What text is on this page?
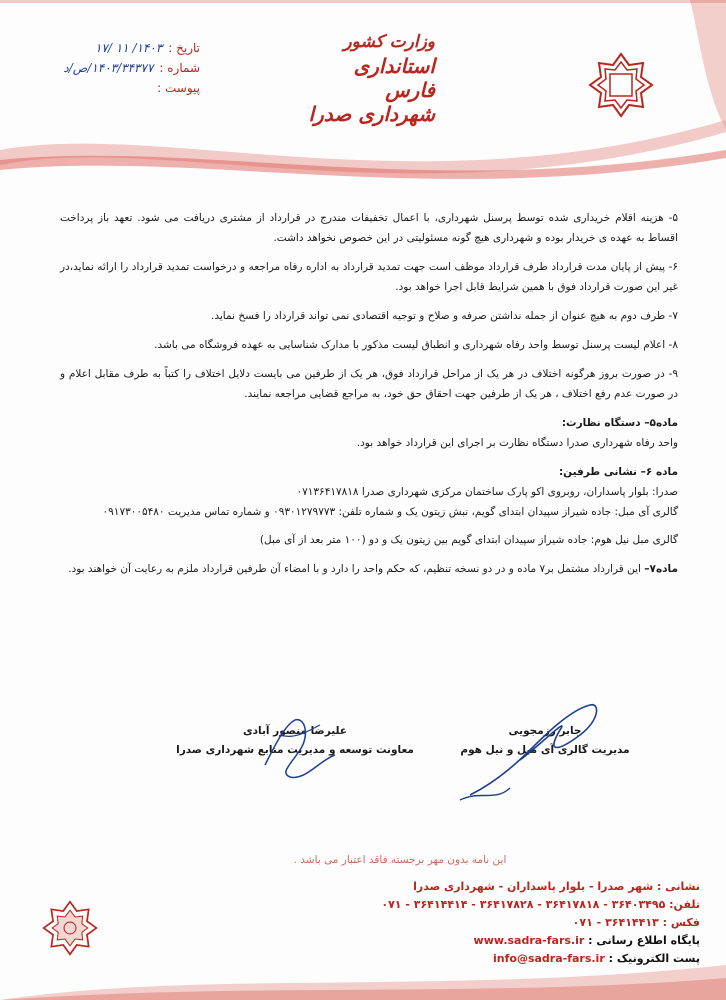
وزارت کشور
استانداری فارس
شهرداری صدرا
تاریخ :
۱۴۰۳/ ۱۱ /۱۷
شماره :
۱۴۰۳/۳۴۳۷۷/ص/د
پیوست :

۵- هزینه اقلام خریداری شده توسط پرسنل شهرداری، با اعمال تخفیفات مندرج در قرارداد از مشتری دریافت می شود. تعهد باز پرداخت اقساط به عهده ی خریدار بوده و شهرداری هیچ گونه مسئولیتی در این خصوص نخواهد داشت.

۶- پیش از پایان مدت قرارداد طرف قرارداد موظف است جهت تمدید قرارداد به اداره رفاه مراجعه و درخواست تمدید قرارداد را ارائه نماید،در غیر این صورت قرارداد فوق با همین شرایط قابل اجرا خواهد بود.

۷- طرف دوم به هیچ عنوان از جمله نداشتن صرفه و صلاح و توجیه اقتصادی نمی تواند قرارداد را فسخ نماید.

۸- اعلام لیست پرسنل توسط واحد رفاه شهرداری و انطباق لیست مذکور با مدارک شناسایی به عهده فروشگاه می باشد.

۹- در صورت بروز هرگونه اختلاف در هر یک از مراحل قرارداد فوق، هر یک از طرفین می بایست دلایل اختلاف را کتباً به طرف مقابل اعلام و در صورت عدم رفع اختلاف ، هر یک از طرفین جهت احقاق حق خود، به مراجع قضایی مراجعه نمایند.

ماده۵– دستگاه نظارت:
واحد رفاه شهرداری صدرا دستگاه نظارت بر اجرای این قرارداد خواهد بود.
ماده ۶– نشانی طرفین:
صدرا: بلوار پاسداران، روبروی اکو پارک ساختمان مرکزی شهرداری صدرا ۰۷۱۳۶۴۱۷۸۱۸
گالری آی مبل: جاده شیراز سپیدان ابتدای گویم، نبش زیتون یک و شماره تلفن: ۰۹۳۰۱۲۷۹۷۷۳ و شماره تماس مدیریت ۰۹۱۷۳۰۰۵۴۸۰
گالری مبل نیل هوم: جاده شیراز سپیدان ابتدای گویم بین زیتون یک و دو (۱۰۰ متر بعد از آی مبل)
ماده۷– این قرارداد مشتمل بر۷ ماده و در دو نسخه تنظیم، که حکم واحد را دارد و با امضاء آن طرفین قرارداد ملزم به رعایت آن خواهند بود.
جابر رزمجویی
مدیریت گالری آی مبل و نیل هوم
علیرضا منصور آبادی
معاونت توسعه و مدیریت منابع شهرداری صدرا
این نامه بدون مهر برجسته فاقد اعتبار می باشد .
نشانی : شهر صدرا - بلوار پاسداران - شهرداری صدرا
تلفن: ۳۶۴۰۳۴۹۵ - ۳۶۴۱۷۸۱۸ - ۳۶۴۱۷۸۲۸ - ۳۶۴۱۴۴۱۴ - ۰۷۱
فکس : ۳۶۴۱۴۴۱۳ - ۰۷۱
پایگاه اطلاع رسانی : www.sadra-fars.ir
پست الکترونیک : info@sadra-fars.ir
